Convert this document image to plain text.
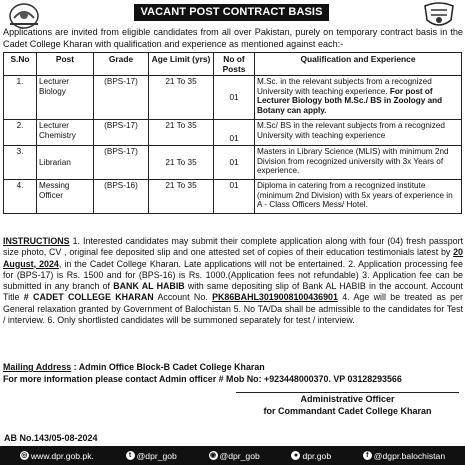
VACANT POST CONTRACT BASIS
Applications are invited from eligible candidates from all over Pakistan, purely on temporary contract basis in the Cadet College Kharan with qualification and experience as mentioned against each:-
S.No	Post	Grade	Age Limit (yrs)	No of Posts	Qualification and Experience
1.	Lecturer Biology	(BPS-17)	21 To 35	01	M.Sc. in the relevant subjects from a recognized University with teaching experience. For post of Lecturer Biology both M.Sc./ BS in Zoology and Botany can apply.
2.	Lecturer Chemistry	(BPS-17)	21 To 35	01	M.Sc/ BS in the relevant subjects from a recognized University with teaching experience
3.	Librarian	(BPS-17)	21 To 35	01	Masters in Library Science (MLIS) with minimum 2nd Division from recognized university with 3x Years of experience.
4.	Messing Officer	(BPS-16)	21 To 35	01	Diploma in catering from a recognized institute (minimum 2nd Division) with 5x years of experience in A - Class Officers Mess/ Hotel.
INSTRUCTIONS 1. Interested candidates may submit their complete application along with four (04) fresh passport size photo, CV , original fee deposited slip and one attested set of copies of their education testimonials latest by 20 August, 2024, in the Cadet College Kharan. Late applications will not be entertained. 2. Application processing fee for (BPS-17) is Rs. 1500 and for (BPS-16) is Rs. 1000.(Application fees not refundable) 3. Application fee can be submitted in any branch of BANK AL HABIB with same depositing slip of Bank AL HABIB in the account. Account Title # CADET COLLEGE KHARAN Account No. PK86BAHL3019008100436901 4. Age will be treated as per General relaxation granted by Government of Balochistan 5. No TA/Da shall be admissible to the candidates for Test / interview. 6. Only shortlisted candidates will be summoned separately for test / interview.
Mailing Address : Admin Office Block-B Cadet College Kharan
For more information please contact Admin officer # Mob No: +923448000370. VP 03128293566
Administrative Officer
for Commandant Cadet College Kharan
AB No.143/05-08-2024
◎ www.dpr.gob.pk.	t @dpr_gob	◉ @dpr_gob	● dpr.gob	f @dgpr.balochistan
